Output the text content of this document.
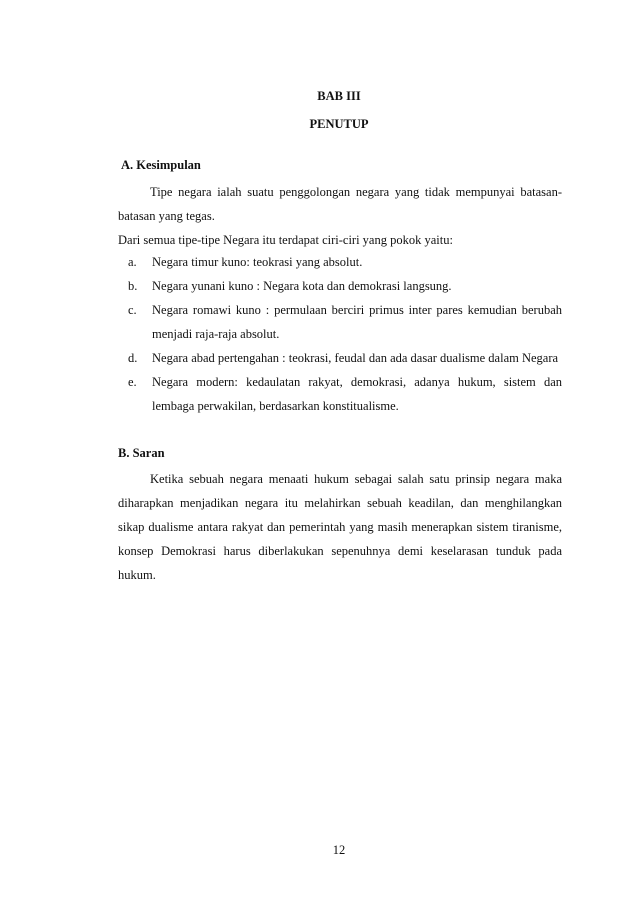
BAB III
PENUTUP
A. Kesimpulan
Tipe negara ialah suatu penggolongan negara yang tidak mempunyai batasan-batasan yang tegas.
Dari semua tipe-tipe Negara itu terdapat ciri-ciri yang pokok yaitu:
a. Negara timur kuno: teokrasi yang absolut.
b. Negara yunani kuno : Negara kota dan demokrasi langsung.
c. Negara romawi kuno : permulaan berciri primus inter pares kemudian berubah menjadi raja-raja absolut.
d. Negara abad pertengahan : teokrasi, feudal dan ada dasar dualisme dalam Negara
e. Negara modern: kedaulatan rakyat, demokrasi, adanya hukum, sistem dan lembaga perwakilan, berdasarkan konstitualisme.
B. Saran
Ketika sebuah negara menaati hukum sebagai salah satu prinsip negara maka diharapkan menjadikan negara itu melahirkan sebuah keadilan, dan menghilangkan sikap dualisme antara rakyat dan pemerintah yang masih menerapkan sistem tiranisme, konsep Demokrasi harus diberlakukan sepenuhnya demi keselarasan tunduk pada hukum.
12
